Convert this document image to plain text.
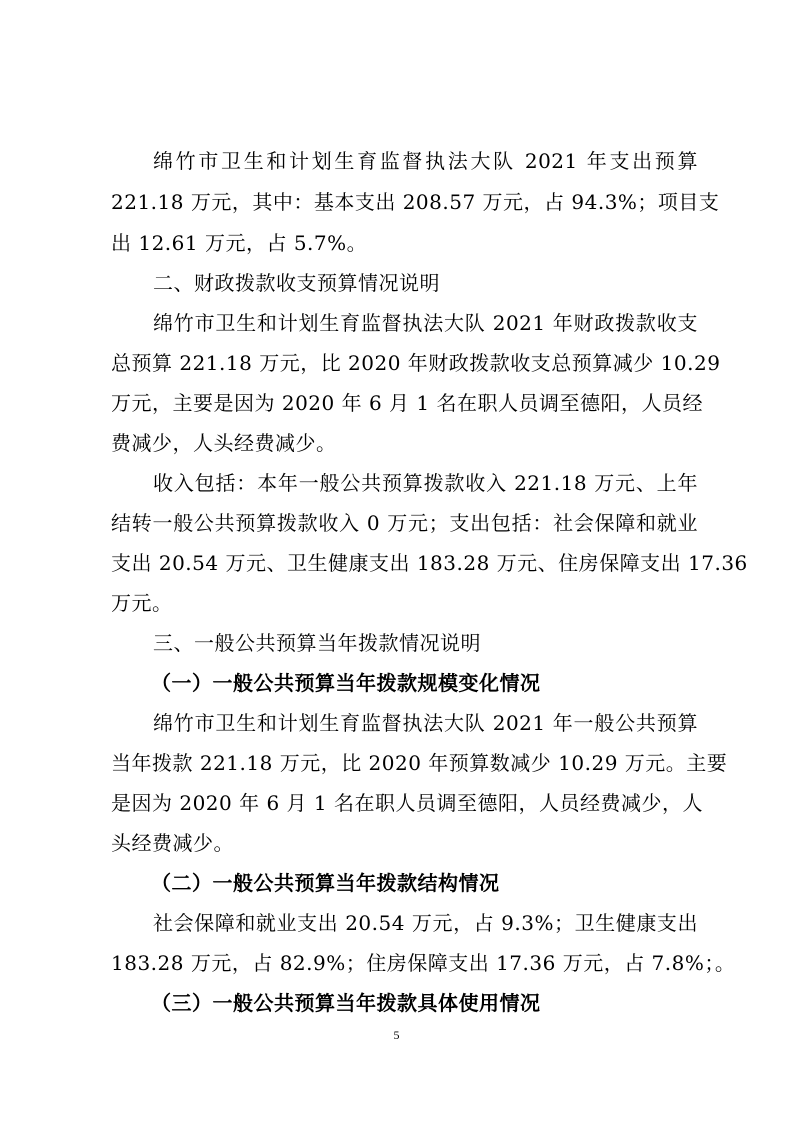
绵竹市卫生和计划生育监督执法大队 2021 年支出预算
221.18 万元，其中：基本支出 208.57 万元，占 94.3%；项目支
出 12.61 万元，占 5.7%。
二、财政拨款收支预算情况说明
绵竹市卫生和计划生育监督执法大队 2021 年财政拨款收支
总预算 221.18 万元，比 2020 年财政拨款收支总预算减少 10.29
万元，主要是因为 2020 年 6 月 1 名在职人员调至德阳，人员经
费减少，人头经费减少。
收入包括：本年一般公共预算拨款收入 221.18 万元、上年
结转一般公共预算拨款收入 0 万元；支出包括：社会保障和就业
支出 20.54 万元、卫生健康支出 183.28 万元、住房保障支出 17.36
万元。
三、一般公共预算当年拨款情况说明
（一）一般公共预算当年拨款规模变化情况
绵竹市卫生和计划生育监督执法大队 2021 年一般公共预算
当年拨款 221.18 万元，比 2020 年预算数减少 10.29 万元。主要
是因为 2020 年 6 月 1 名在职人员调至德阳，人员经费减少，人
头经费减少。
（二）一般公共预算当年拨款结构情况
社会保障和就业支出 20.54 万元，占 9.3%；卫生健康支出
183.28 万元，占 82.9%；住房保障支出 17.36 万元，占 7.8%；。
（三）一般公共预算当年拨款具体使用情况
5
